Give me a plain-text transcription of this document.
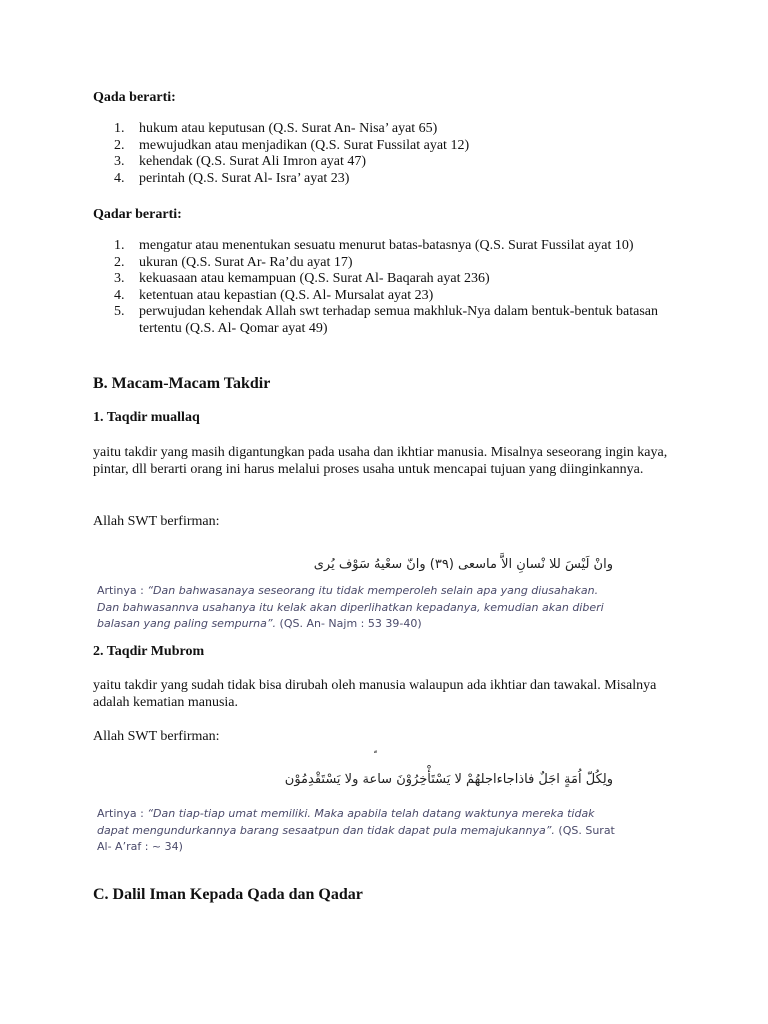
Qada berarti:
1. hukum atau keputusan (Q.S. Surat An- Nisa’ ayat 65)
2. mewujudkan atau menjadikan (Q.S. Surat Fussilat ayat 12)
3. kehendak (Q.S. Surat Ali Imron ayat 47)
4. perintah (Q.S. Surat Al- Isra’ ayat 23)
Qadar berarti:
1. mengatur atau menentukan sesuatu menurut batas-batasnya (Q.S. Surat Fussilat ayat 10)
2. ukuran (Q.S. Surat Ar- Ra’du ayat 17)
3. kekuasaan atau kemampuan (Q.S. Surat Al- Baqarah ayat 236)
4. ketentuan atau kepastian (Q.S. Al- Mursalat ayat 23)
5. perwujudan kehendak Allah swt terhadap semua makhluk-Nya dalam bentuk-bentuk batasan tertentu (Q.S. Al- Qomar ayat 49)
B. Macam-Macam Takdir
1. Taqdir muallaq
yaitu takdir yang masih digantungkan pada usaha dan ikhtiar manusia. Misalnya seseorang ingin kaya, pintar, dll berarti orang ini harus melalui proses usaha untuk mencapai tujuan yang diinginkannya.
Allah SWT berfirman:
وانْ لَيْسَ للا نْسانِ الاَّ ماسعى (٣٩) وانّ سعْيهُ سَوْف يُرى
Artinya : “Dan bahwasanaya seseorang itu tidak memperoleh selain apa yang diusahakan. Dan bahwasannva usahanya itu kelak akan diperlihatkan kepadanya, kemudian akan diberi balasan yang paling sempurna”. (QS. An- Najm : 53 39-40)
2. Taqdir Mubrom
yaitu takdir yang sudah tidak bisa dirubah oleh manusia walaupun ada ikhtiar dan tawakal. Misalnya adalah kematian manusia.
Allah SWT berfirman:
ولِكُلّ اُمَةٍ اجَلٌ فاذاجاءاجلهُمْ لا يَسْتَأْخِرُوْنَ ساعة ولا يَسْتَقْدِمُوْن
Artinya : “Dan tiap-tiap umat memiliki. Maka apabila telah datang waktunya mereka tidak dapat mengundurkannya barang sesaatpun dan tidak dapat pula memajukannya”. (QS. Surat Al- A’raf : ~ 34)
C. Dalil Iman Kepada Qada dan Qadar
